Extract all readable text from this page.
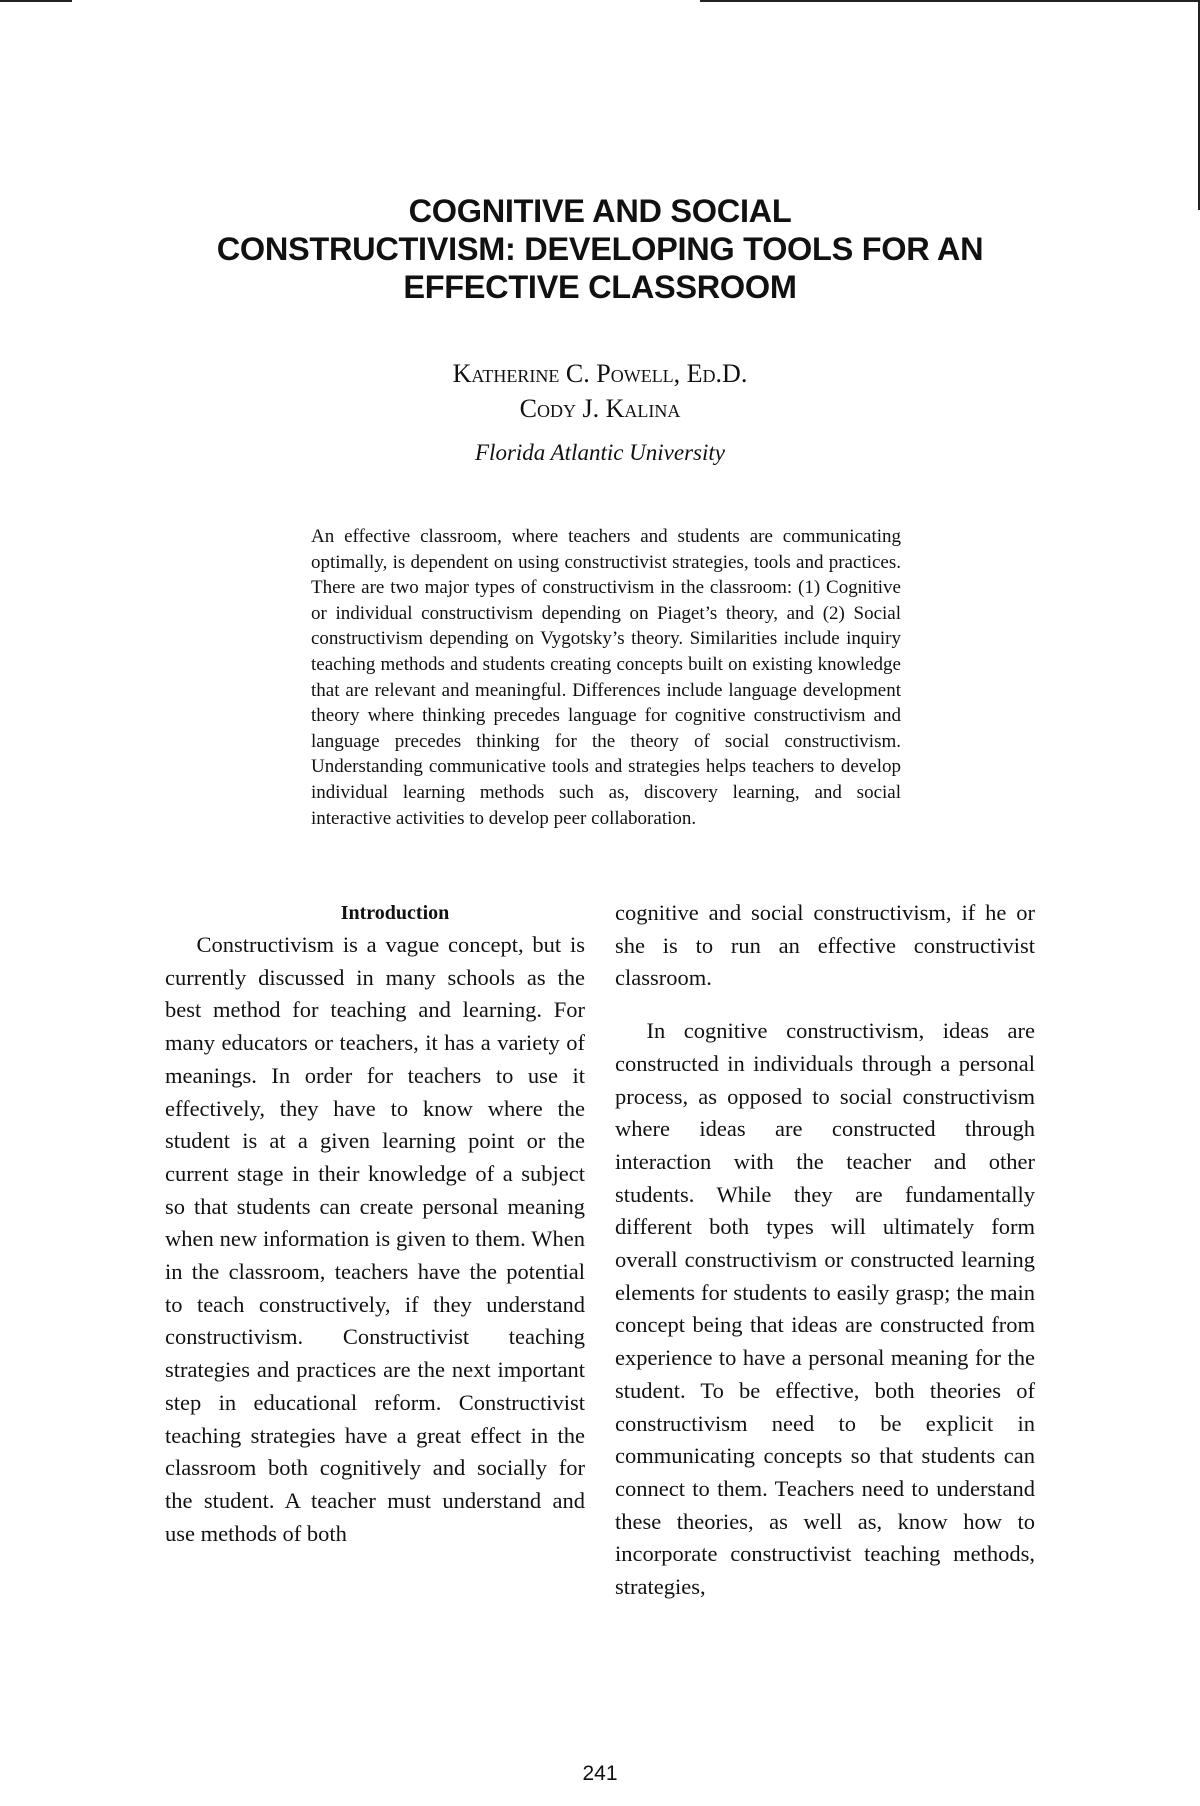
COGNITIVE AND SOCIAL
CONSTRUCTIVISM: DEVELOPING TOOLS FOR AN
EFFECTIVE CLASSROOM
Katherine C. Powell, Ed.D.
Cody J. Kalina
Florida Atlantic University

An effective classroom, where teachers and students are communicating optimally, is dependent on using constructivist strategies, tools and practices. There are two major types of constructivism in the classroom: (1) Cognitive or individual constructivism depending on Piaget’s theory, and (2) Social constructivism depending on Vygotsky’s theory. Similarities include inquiry teaching methods and students creating concepts built on existing knowledge that are relevant and meaningful. Differences include language development theory where thinking precedes language for cognitive constructivism and language precedes thinking for the theory of social constructivism. Understanding communicative tools and strategies helps teachers to develop individual learning methods such as, discovery learning, and social interactive activities to develop peer collaboration.

Introduction

Constructivism is a vague concept, but is currently discussed in many schools as the best method for teaching and learning. For many educators or teachers, it has a variety of meanings. In order for teachers to use it effectively, they have to know where the student is at a given learning point or the current stage in their knowledge of a subject so that students can create personal meaning when new information is given to them. When in the classroom, teachers have the potential to teach constructively, if they understand constructivism. Constructivist teaching strategies and practices are the next important step in educational reform. Constructivist teaching strategies have a great effect in the classroom both cognitively and socially for the student. A teacher must understand and use methods of both

cognitive and social constructivism, if he or she is to run an effective constructivist classroom.

In cognitive constructivism, ideas are constructed in individuals through a personal process, as opposed to social constructivism where ideas are constructed through interaction with the teacher and other students. While they are fundamentally different both types will ultimately form overall constructivism or constructed learning elements for students to easily grasp; the main concept being that ideas are constructed from experience to have a personal meaning for the student. To be effective, both theories of constructivism need to be explicit in communicating concepts so that students can connect to them. Teachers need to understand these theories, as well as, know how to incorporate constructivist teaching methods, strategies,

241
